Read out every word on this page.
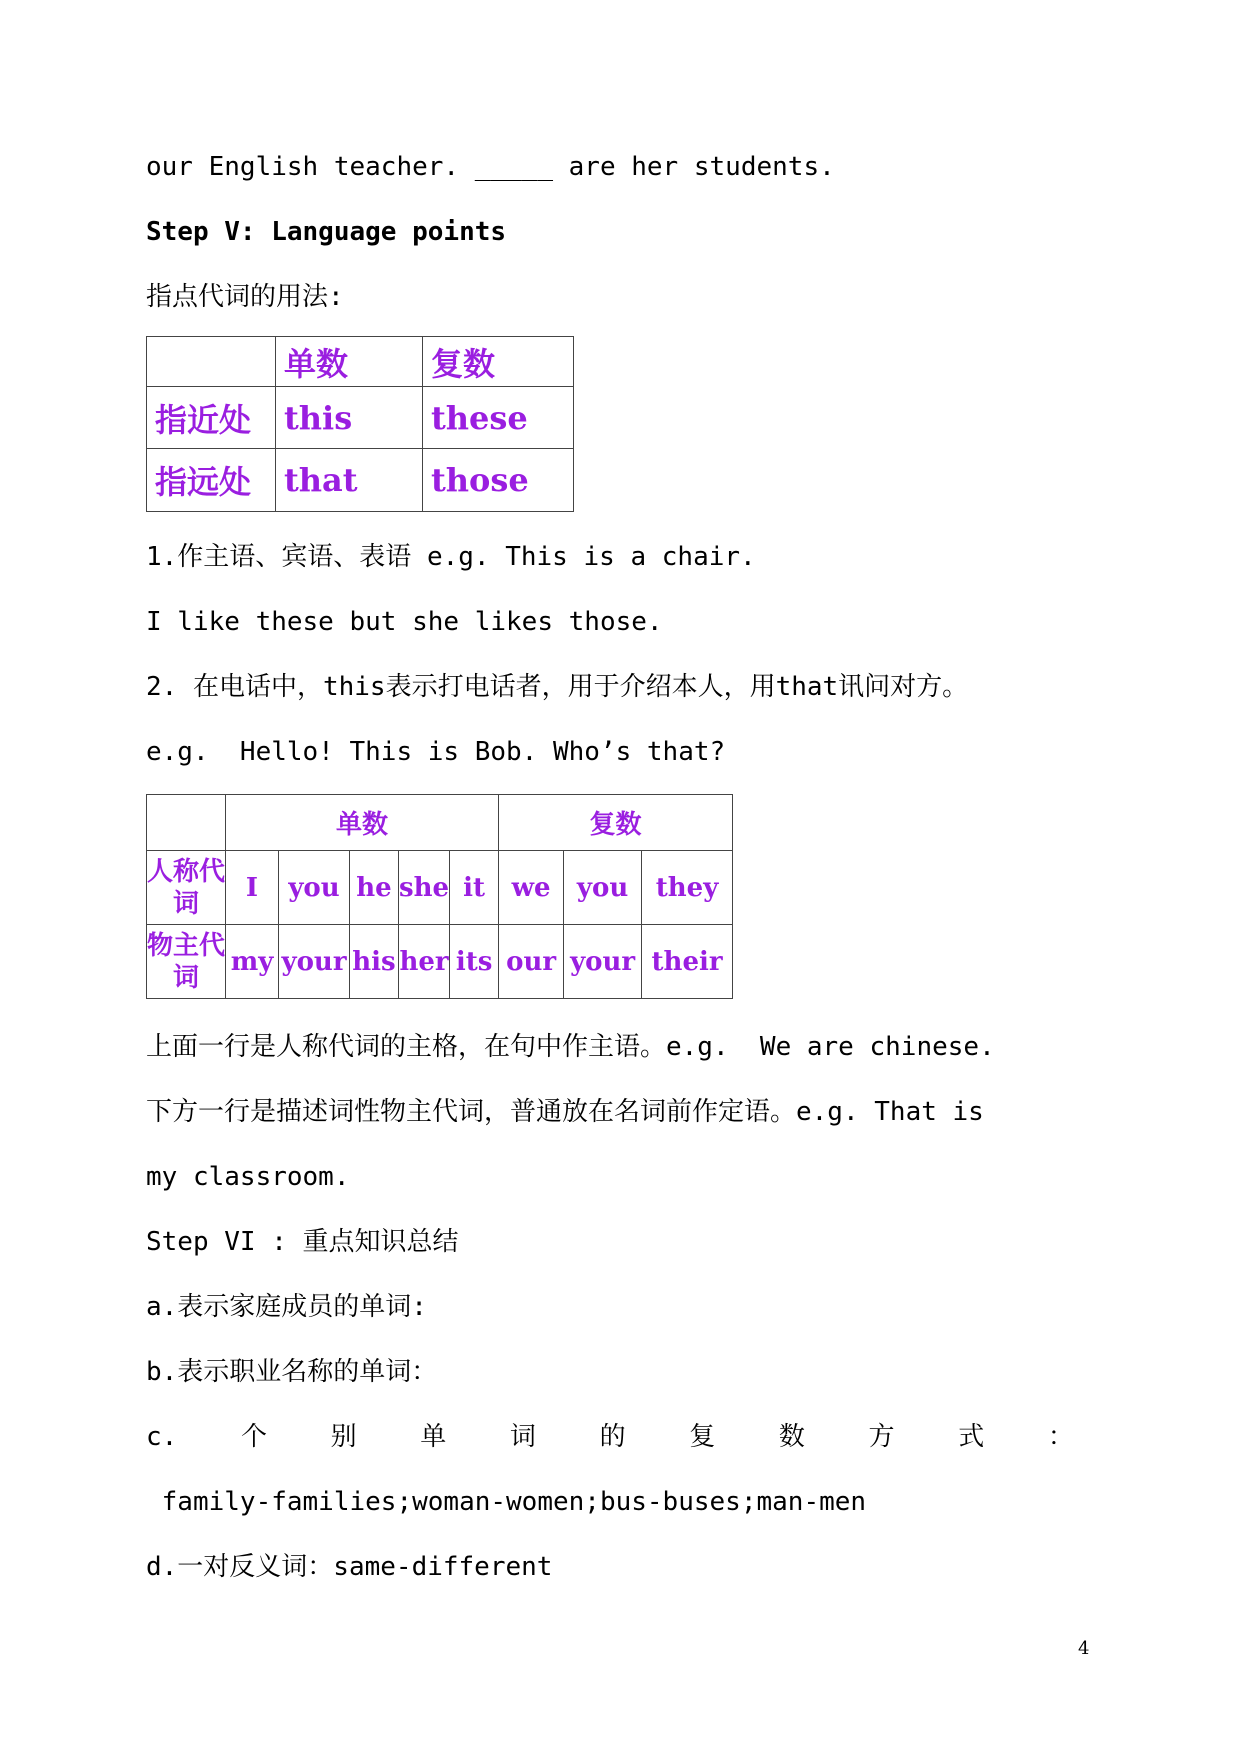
our English teacher. _____ are her students.
Step V: Language points
指点代词的用法:
	单数	复数
指近处	this	these
指远处	that	those
1.作主语、宾语、表语 e.g. This is a chair.
I like these but she likes those.
2. 在电话中，this表示打电话者，用于介绍本人，用that讯问对方。
e.g.  Hello! This is Bob. Who’s that?
	单数					复数		
人称代词	I	you	he	she	it	we	you	they
物主代词	my	your	his	her	its	our	your	their
上面一行是人称代词的主格，在句中作主语。e.g.  We are chinese.
下方一行是描述词性物主代词，普通放在名词前作定语。e.g. That is
my classroom.
Step VI : 重点知识总结
a.表示家庭成员的单词:
b.表示职业名称的单词：
c. 个 别 单 词 的 复 数 方 式 ：
family-families;woman-women;bus-buses;man-men
d.一对反义词：same-different
4
